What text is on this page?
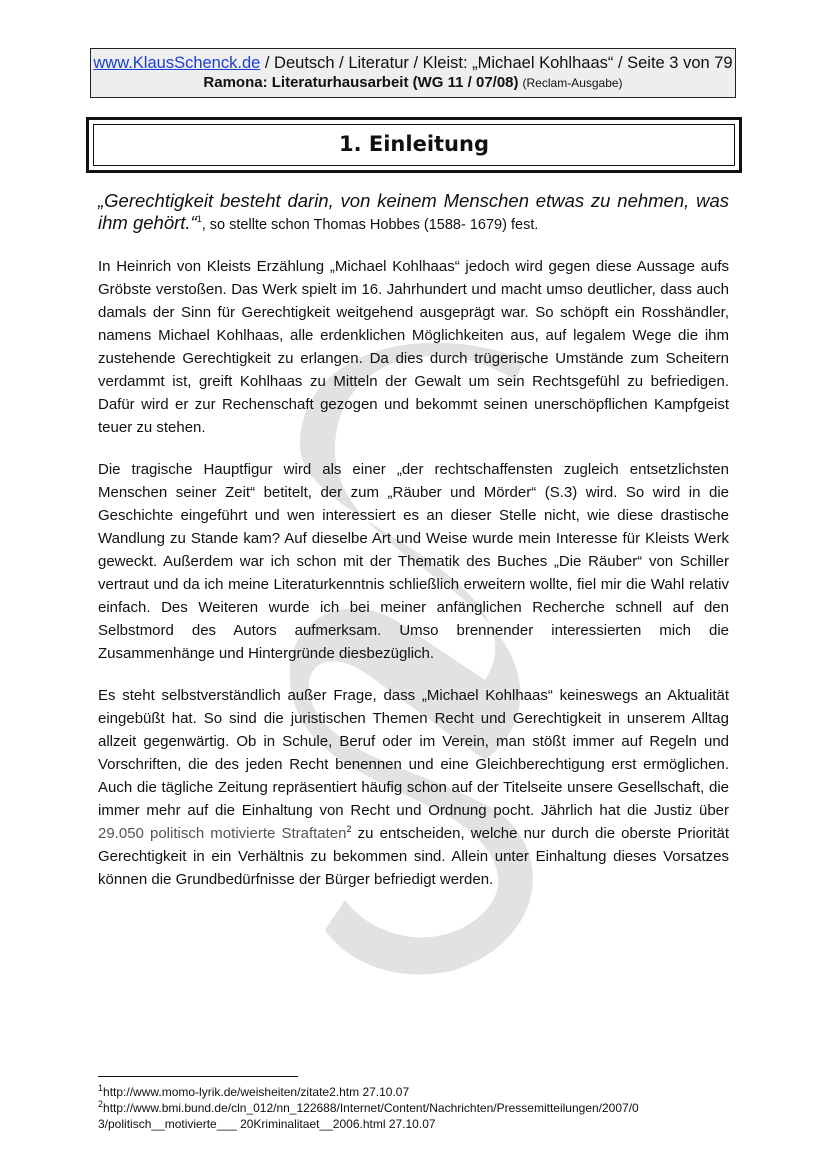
www.KlausSchenck.de / Deutsch / Literatur / Kleist: „Michael Kohlhaas“ / Seite 3 von 79
Ramona: Literaturhausarbeit (WG 11 / 07/08) (Reclam-Ausgabe)
1. Einleitung

„Gerechtigkeit besteht darin, von keinem Menschen etwas zu nehmen, was ihm gehört.“$^1$, so stellte schon Thomas Hobbes (1588- 1679) fest.

In Heinrich von Kleists Erzählung „Michael Kohlhaas“ jedoch wird gegen diese Aussage aufs Gröbste verstoßen. Das Werk spielt im 16. Jahrhundert und macht umso deutlicher, dass auch damals der Sinn für Gerechtigkeit weitgehend ausgeprägt war. So schöpft ein Rosshändler, namens Michael Kohlhaas, alle erdenklichen Möglichkeiten aus, auf legalem Wege die ihm zustehende Gerechtigkeit zu erlangen. Da dies durch trügerische Umstände zum Scheitern verdammt ist, greift Kohlhaas zu Mitteln der Gewalt um sein Rechtsgefühl zu befriedigen. Dafür wird er zur Rechenschaft gezogen und bekommt seinen unerschöpflichen Kampfgeist teuer zu stehen.

Die tragische Hauptfigur wird als einer „der rechtschaffensten zugleich entsetzlichsten Menschen seiner Zeit“ betitelt, der zum „Räuber und Mörder“ (S.3) wird. So wird in die Geschichte eingeführt und wen interessiert es an dieser Stelle nicht, wie diese drastische Wandlung zu Stande kam? Auf dieselbe Art und Weise wurde mein Interesse für Kleists Werk geweckt. Außerdem war ich schon mit der Thematik des Buches „Die Räuber“ von Schiller vertraut und da ich meine Literaturkenntnis schließlich erweitern wollte, fiel mir die Wahl relativ einfach. Des Weiteren wurde ich bei meiner anfänglichen Recherche schnell auf den Selbstmord des Autors aufmerksam. Umso brennender interessierten mich die Zusammenhänge und Hintergründe diesbezüglich.

Es steht selbstverständlich außer Frage, dass „Michael Kohlhaas“ keineswegs an Aktualität eingebüßt hat. So sind die juristischen Themen Recht und Gerechtigkeit in unserem Alltag allzeit gegenwärtig. Ob in Schule, Beruf oder im Verein, man stößt immer auf Regeln und Vorschriften, die des jeden Recht benennen und eine Gleichberechtigung erst ermöglichen. Auch die tägliche Zeitung repräsentiert häufig schon auf der Titelseite unsere Gesellschaft, die immer mehr auf die Einhaltung von Recht und Ordnung pocht. Jährlich hat die Justiz über 29.050 politisch motivierte Straftaten$^2$ zu entscheiden, welche nur durch die oberste Priorität Gerechtigkeit in ein Verhältnis zu bekommen sind. Allein unter Einhaltung dieses Vorsatzes können die Grundbedürfnisse der Bürger befriedigt werden.

$^1$http://www.momo-lyrik.de/weisheiten/zitate2.htm 27.10.07
$^2$http://www.bmi.bund.de/cln_012/nn_122688/Internet/Content/Nachrichten/Pressemitteilungen/2007/0
3/politisch__motivierte___ 20Kriminalitaet__2006.html 27.10.07
